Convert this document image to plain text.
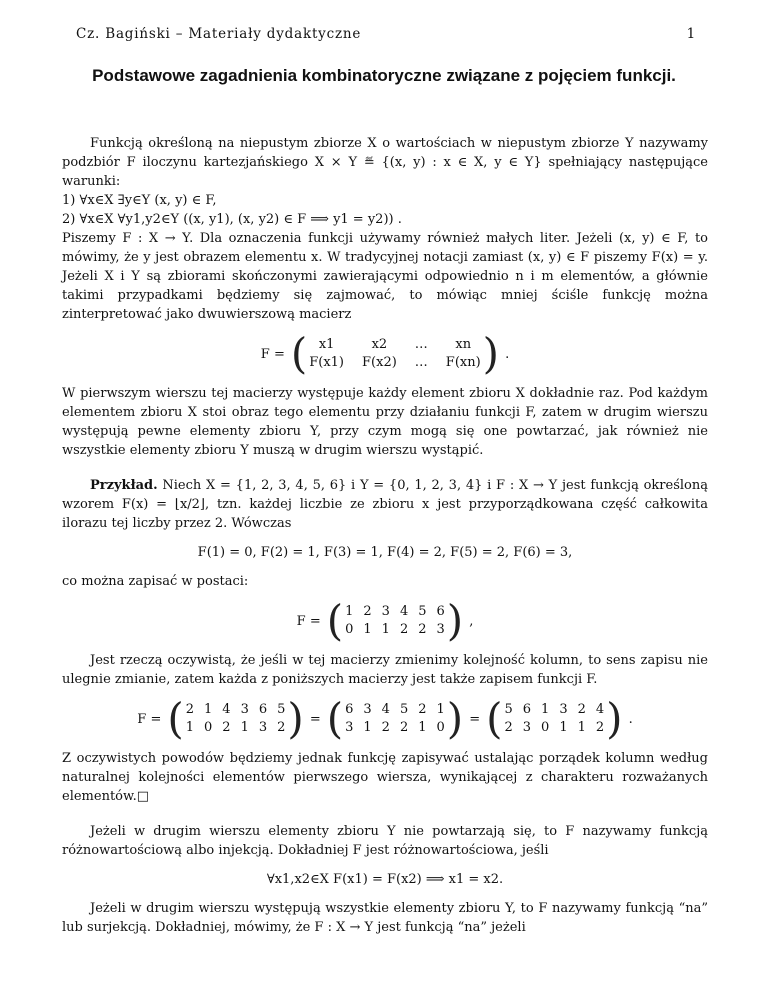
Cz. Bagiński – Materiały dydaktyczne	1
Podstawowe zagadnienia kombinatoryczne związane z pojęciem funkcji.

Funkcją określoną na niepustym zbiorze X o wartościach w niepustym zbiorze Y nazywamy podzbiór F iloczynu kartezjańskiego X × Y ≝ {(x, y) : x ∈ X, y ∈ Y} spełniający następujące warunki:

1) ∀x∈X ∃y∈Y (x, y) ∈ F,

2) ∀x∈X ∀y1,y2∈Y ((x, y1), (x, y2) ∈ F ⟹ y1 = y2)) .

Piszemy F : X → Y. Dla oznaczenia funkcji używamy również małych liter. Jeżeli (x, y) ∈ F, to mówimy, że y jest obrazem elementu x. W tradycyjnej notacji zamiast (x, y) ∈ F piszemy F(x) = y. Jeżeli X i Y są zbiorami skończonymi zawierającymi odpowiednio n i m elementów, a głównie takimi przypadkami będziemy się zajmować, to mówiąc mniej ściśle funkcję można zinterpretować jako dwuwierszową macierz

F = ( x1	x2	…	xn
F(x1) F(x2) … F(xn) ) .

W pierwszym wierszu tej macierzy występuje każdy element zbioru X dokładnie raz. Pod każdym elementem zbioru X stoi obraz tego elementu przy działaniu funkcji F, zatem w drugim wierszu występują pewne elementy zbioru Y, przy czym mogą się one powtarzać, jak również nie wszystkie elementy zbioru Y muszą w drugim wierszu wystąpić.

Przykład. Niech X = {1, 2, 3, 4, 5, 6} i Y = {0, 1, 2, 3, 4} i F : X → Y jest funkcją określoną wzorem F(x) = ⌊x/2⌋, tzn. każdej liczbie ze zbioru x jest przyporządkowana część całkowita ilorazu tej liczby przez 2. Wówczas

F(1) = 0, F(2) = 1, F(3) = 1, F(4) = 2, F(5) = 2, F(6) = 3,

co można zapisać w postaci:

F = ( 1 2 3 4 5 6
0 1 1 2 2 3 ) ,

Jest rzeczą oczywistą, że jeśli w tej macierzy zmienimy kolejność kolumn, to sens zapisu nie ulegnie zmianie, zatem każda z poniższych macierzy jest także zapisem funkcji F.

F = ( 2 1 4 3 6 5
1 0 2 1 3 2 ) = ( 6 3 4 5 2 1
3 1 2 2 1 0 ) = ( 5 6 1 3 2 4
2 3 0 1 1 2 ) .

Z oczywistych powodów będziemy jednak funkcję zapisywać ustalając porządek kolumn według naturalnej kolejności elementów pierwszego wiersza, wynikającej z charakteru rozważanych elementów.□

Jeżeli w drugim wierszu elementy zbioru Y nie powtarzają się, to F nazywamy funkcją różnowartościową albo injekcją. Dokładniej F jest różnowartościowa, jeśli

∀x1,x2∈X F(x1) = F(x2) ⟹ x1 = x2.

Jeżeli w drugim wierszu występują wszystkie elementy zbioru Y, to F nazywamy funkcją “na” lub surjekcją. Dokładniej, mówimy, że F : X → Y jest funkcją “na” jeżeli
